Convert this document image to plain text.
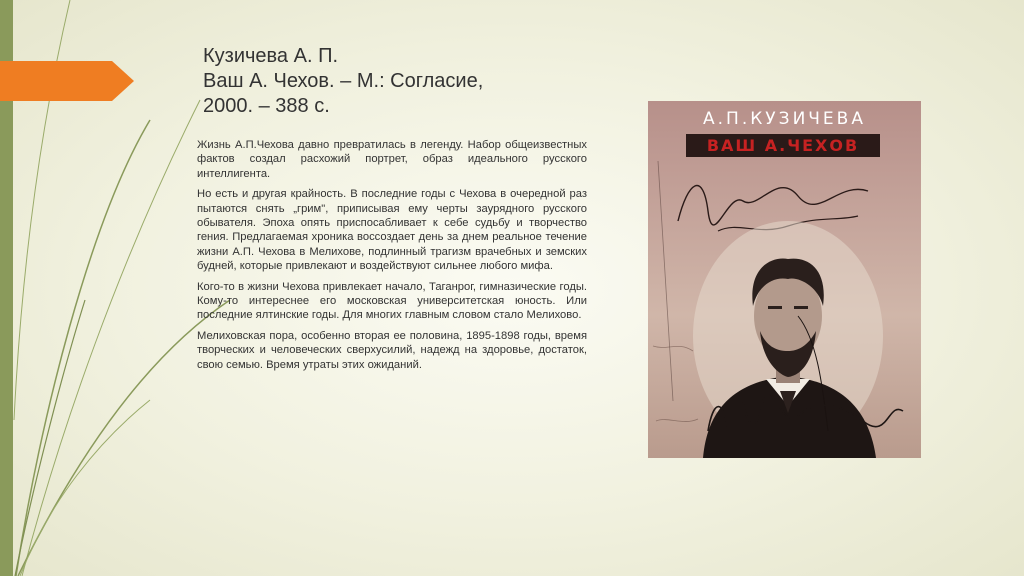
Кузичева А. П.
Ваш А. Чехов. – М.: Согласие,
2000. – 388 с.

Жизнь А.П.Чехова давно превратилась в легенду. Набор общеизвестных фактов создал расхожий портрет, образ идеального русского интеллигента.

Но есть и другая крайность. В последние годы с Чехова в очередной раз пытаются снять „грим", приписывая ему черты заурядного русского обывателя. Эпоха опять приспосабливает к себе судьбу и творчество гения. Предлагаемая хроника воссоздает день за днем реальное течение жизни А.П. Чехова в Мелихове, подлинный трагизм врачебных и земских будней, которые привлекают и воздействуют сильнее любого мифа.

Кого-то в жизни Чехова привлекает начало, Таганрог, гимназические годы. Кому-то интереснее его московская университетская юность. Или последние ялтинские годы. Для многих главным словом стало Мелихово.

Мелиховская пора, особенно вторая ее половина, 1895-1898 годы, время творческих и человеческих сверхусилий, надежд на здоровье, достаток, свою семью. Время утраты этих ожиданий.

А.П.КУЗИЧЕВА
ВАШ А.ЧЕХОВ
